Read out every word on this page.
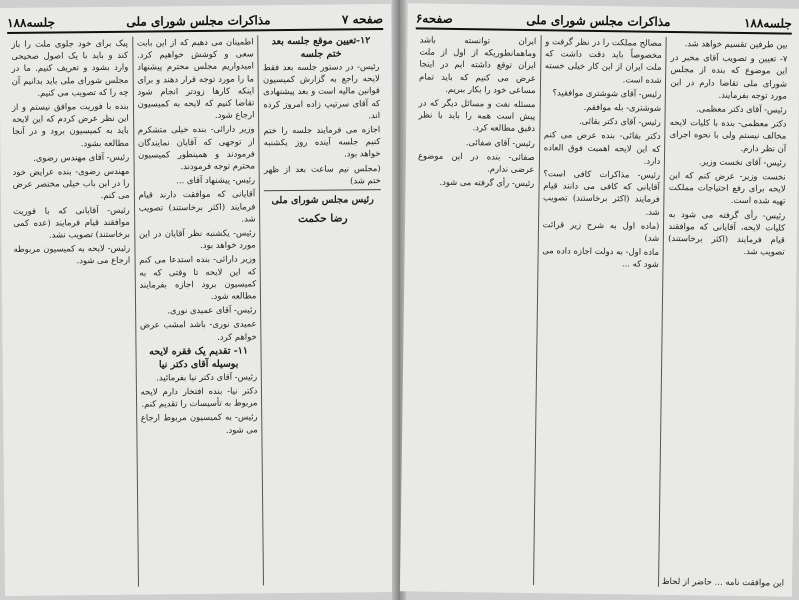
صفحه ۷
مذاکرات مجلس شورای ملی
جلسه۱۸۸
۱۲-تعیین موقع جلسه بعد ختم جلسه

رئیس- در دستور جلسه بعد فقط لایحه راجع به گزارش کمیسیون قوانین مالیه است و بعد پیشنهادی که آقای سرتیپ زاده امروز کرده اند.

اجازه می فرمایند جلسه را ختم کنیم جلسه آینده روز یکشنبه خواهد بود.

(مجلس نیم ساعت بعد از ظهر ختم شد)

رئیس مجلس شورای ملی
رضا حکمت

اطمینان می دهیم که از این بابت سعی و کوشش خواهیم کرد. امیدواریم مجلس محترم پیشنهاد ما را مورد توجه قرار دهند و برای اینکه کارها زودتر انجام شود تقاضا کنیم که لایحه به کمیسیون ارجاع شود.

وزیر دارائی- بنده خیلی متشکرم از توجهی که آقایان نمایندگان فرمودند و همینطور کمیسیون محترم توجه فرمودند.

رئیس- پیشنهاد آقای ...

آقایانی که موافقت دارند قیام فرمایند (اکثر برخاستند) تصویب شد.

رئیس- یکشنبه نظر آقایان در این مورد خواهد بود.

وزیر دارائی- بنده استدعا می کنم که این لایحه تا وقتی که به کمیسیون برود اجازه بفرمایند مطالعه شود.

رئیس- آقای عمیدی نوری.

عمیدی نوری- باشد امشب عرض خواهم کرد.

۱۱- تقدیم یک فقره لایحه بوسیله آقای دکتر نیا

رئیس- آقای دکتر نیا بفرمائید.

دکتر نیا- بنده افتخار دارم لایحه مربوط به تأسیسات را تقدیم کنم.

رئیس- به کمیسیون مربوط ارجاع می شود.

پیک برای خود جلوی ملت را باز کند و باید با یک اصول صحیحی وارد بشود و تعریف کنیم. ما در مجلس شورای ملی باید بدانیم آن چه را که تصویب می کنیم.

بنده با فوریت موافق نیستم و از این نظر عرض کردم که این لایحه باید به کمیسیون برود و در آنجا مطالعه بشود.

رئیس- آقای مهندس رضوی.

مهندس رضوی- بنده عرایض خود را در این باب خیلی مختصر عرض می کنم.

رئیس- آقایانی که با فوریت موافقند قیام فرمایند (عده کمی برخاستند) تصویب نشد.

رئیس- لایحه به کمیسیون مربوطه ارجاع می شود.

جلسه۱۸۸
مذاکرات مجلس شورای ملی
صفحه۶

بین طرفین تقسیم خواهد شد.

۷- تعیین و تصویب آقای مخبر در این موضوع که بنده از مجلس شورای ملی تقاضا دارم در این مورد توجه بفرمایند.

رئیس- آقای دکتر معظمی.

دکتر معظمی- بنده با کلیات لایحه مخالف نیستم ولی با نحوه اجرای آن نظر دارم.

رئیس- آقای نخست وزیر.

نخست وزیر- عرض کنم که این لایحه برای رفع احتیاجات مملکت تهیه شده است.

رئیس- رأی گرفته می شود به کلیات لایحه، آقایانی که موافقند قیام فرمایند (اکثر برخاستند) تصویب شد.

مصالح مملکت را در نظر گرفت و مخصوصاً باید دقت داشت که ملت ایران از این کار خیلی خسته شده است.

رئیس- آقای شوشتری موافقید؟

شوشتری- بله موافقم.

رئیس- آقای دکتر بقائی.

دکتر بقائی- بنده عرض می کنم که این لایحه اهمیت فوق العاده دارد.

رئیس- مذاکرات کافی است؟ آقایانی که کافی می دانند قیام فرمایند (اکثر برخاستند) تصویب شد.

(ماده اول به شرح زیر قرائت شد)

ماده اول- به دولت اجازه داده می شود که ...

ایران توانسته باشد وماهمانطوریکه از اول از ملت ایران توقع داشته ایم در اینجا عرض می کنیم که باید تمام مساعی خود را بکار ببریم.

مسئله نفت و مسائل دیگر که در پیش است همه را باید با نظر دقیق مطالعه کرد.

رئیس- آقای صفائی.

صفائی- بنده در این موضوع عرضی ندارم.

رئیس- رأی گرفته می شود.

این موافقت نامه ... حاضر از لحاظ
